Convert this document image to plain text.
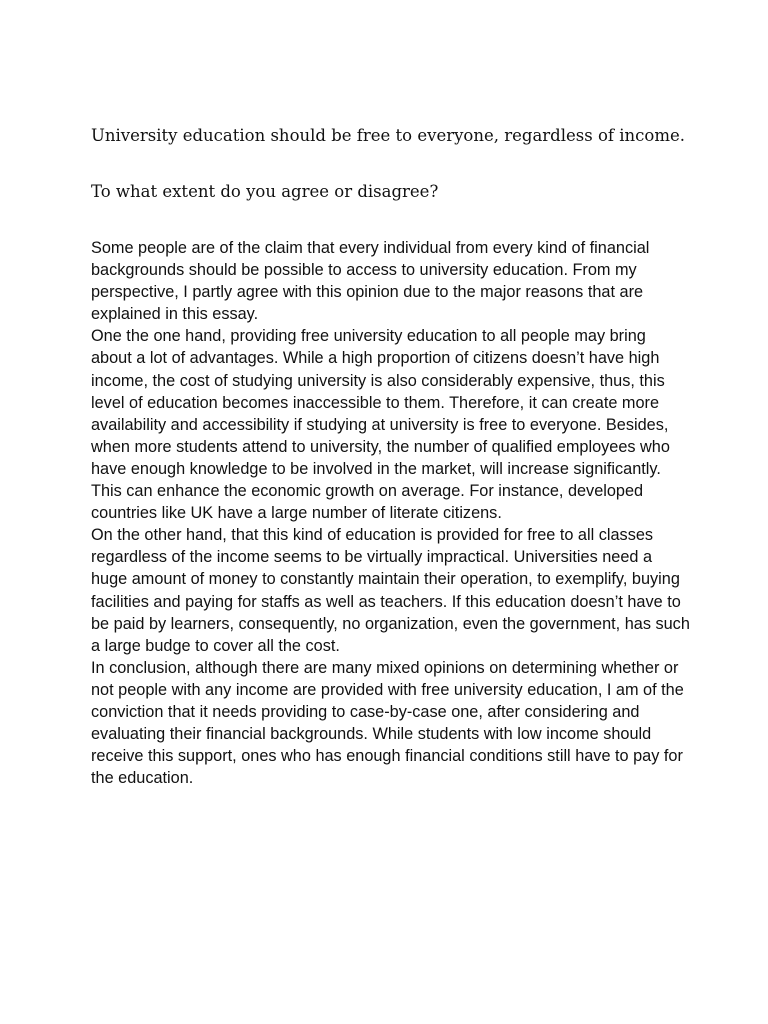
University education should be free to everyone, regardless of income.

To what extent do you agree or disagree?

Some people are of the claim that every individual from every kind of financial backgrounds should be possible to access to university education. From my perspective, I partly agree with this opinion due to the major reasons that are explained in this essay.

One the one hand, providing free university education to all people may bring about a lot of advantages. While a high proportion of citizens doesn’t have high income, the cost of studying university is also considerably expensive, thus, this level of education becomes inaccessible to them. Therefore, it can create more availability and accessibility if studying at university is free to everyone. Besides, when more students attend to university, the number of qualified employees who have enough knowledge to be involved in the market, will increase significantly. This can enhance the economic growth on average. For instance, developed countries like UK have a large number of literate citizens.

On the other hand, that this kind of education is provided for free to all classes regardless of the income seems to be virtually impractical. Universities need a huge amount of money to constantly maintain their operation, to exemplify, buying facilities and paying for staffs as well as teachers. If this education doesn’t have to be paid by learners, consequently, no organization, even the government, has such a large budge to cover all the cost.

In conclusion, although there are many mixed opinions on determining whether or not people with any income are provided with free university education, I am of the conviction that it needs providing to case-by-case one, after considering and evaluating their financial backgrounds. While students with low income should receive this support, ones who has enough financial conditions still have to pay for the education.
